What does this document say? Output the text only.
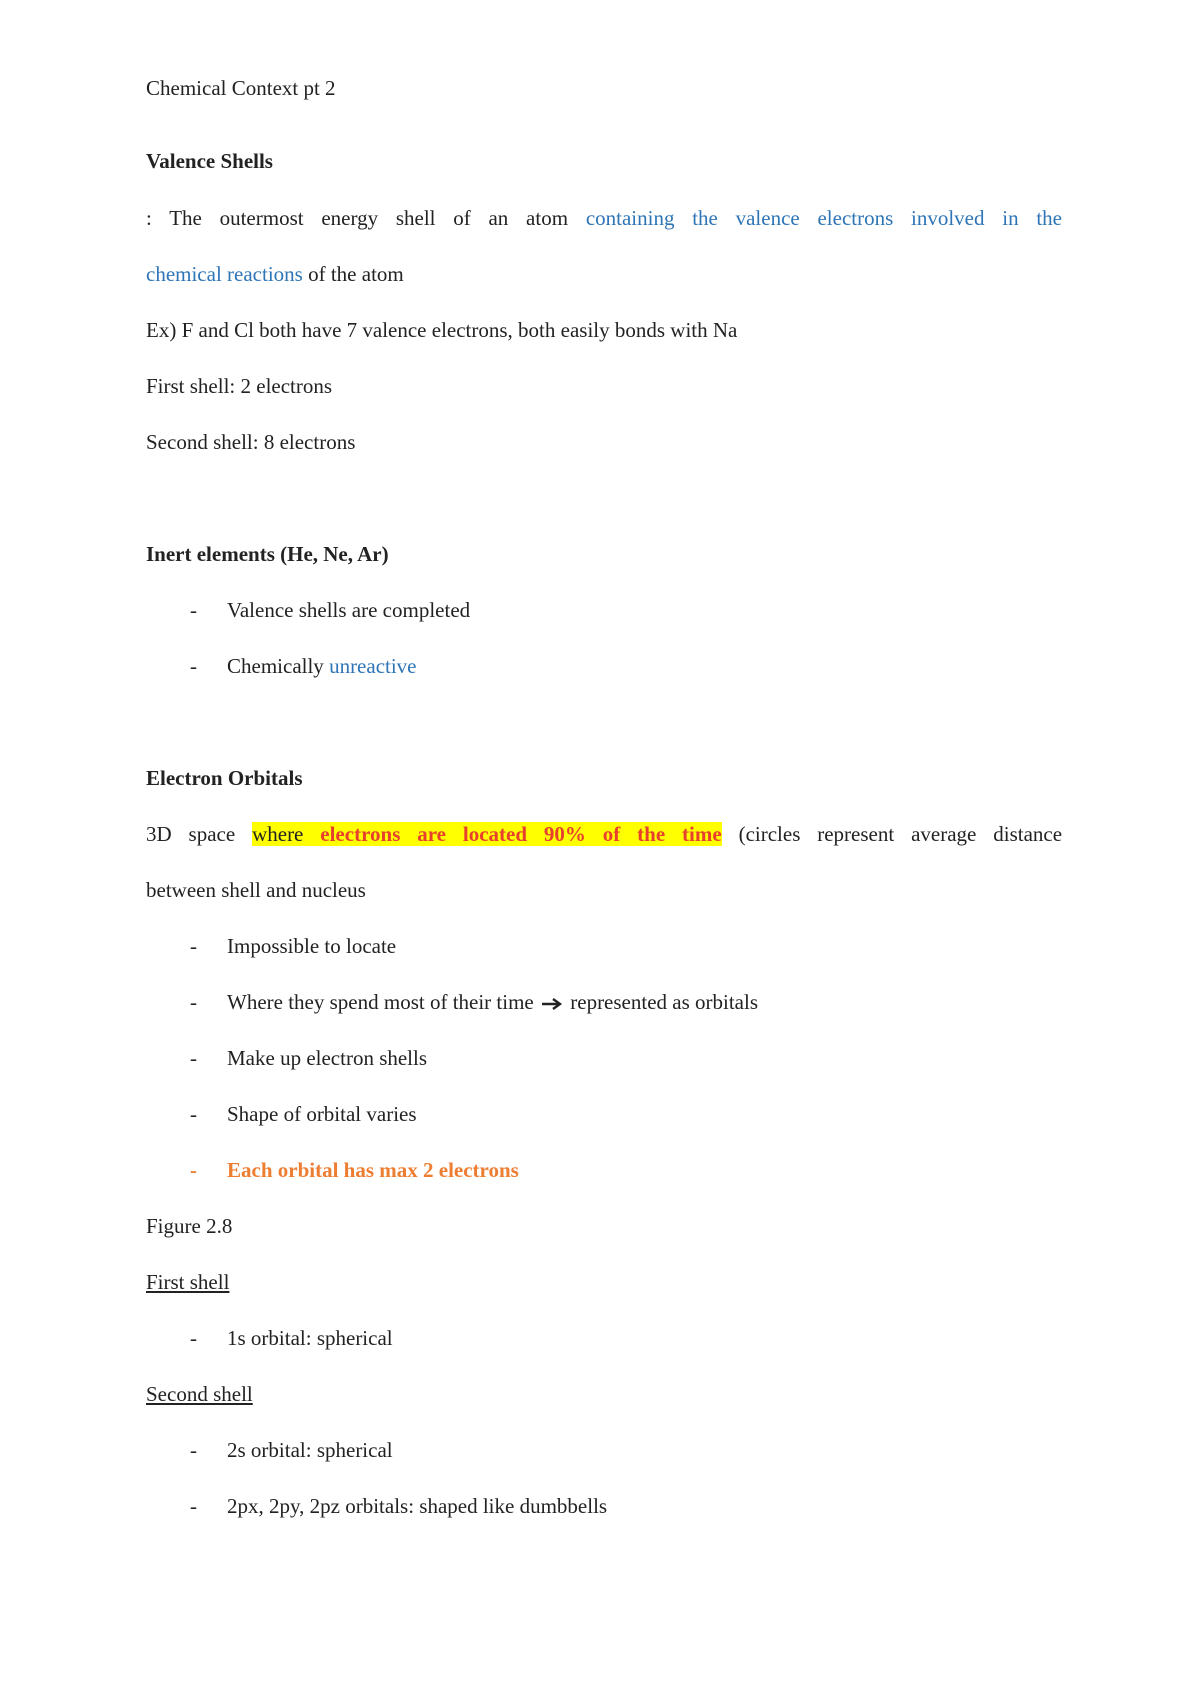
Chemical Context pt 2
Valence Shells
: The outermost energy shell of an atom containing the valence electrons involved in the
chemical reactions of the atom
Ex) F and Cl both have 7 valence electrons, both easily bonds with Na
First shell: 2 electrons
Second shell: 8 electrons
Inert elements (He, Ne, Ar)
-	Valence shells are completed
-	Chemically unreactive
Electron Orbitals
3D space where electrons are located 90% of the time (circles represent average distance
between shell and nucleus
-	Impossible to locate
-	Where they spend most of their time represented as orbitals
-	Make up electron shells
-	Shape of orbital varies
-	Each orbital has max 2 electrons
Figure 2.8
First shell
-	1s orbital: spherical
Second shell
-	2s orbital: spherical
-	2px, 2py, 2pz orbitals: shaped like dumbbells
